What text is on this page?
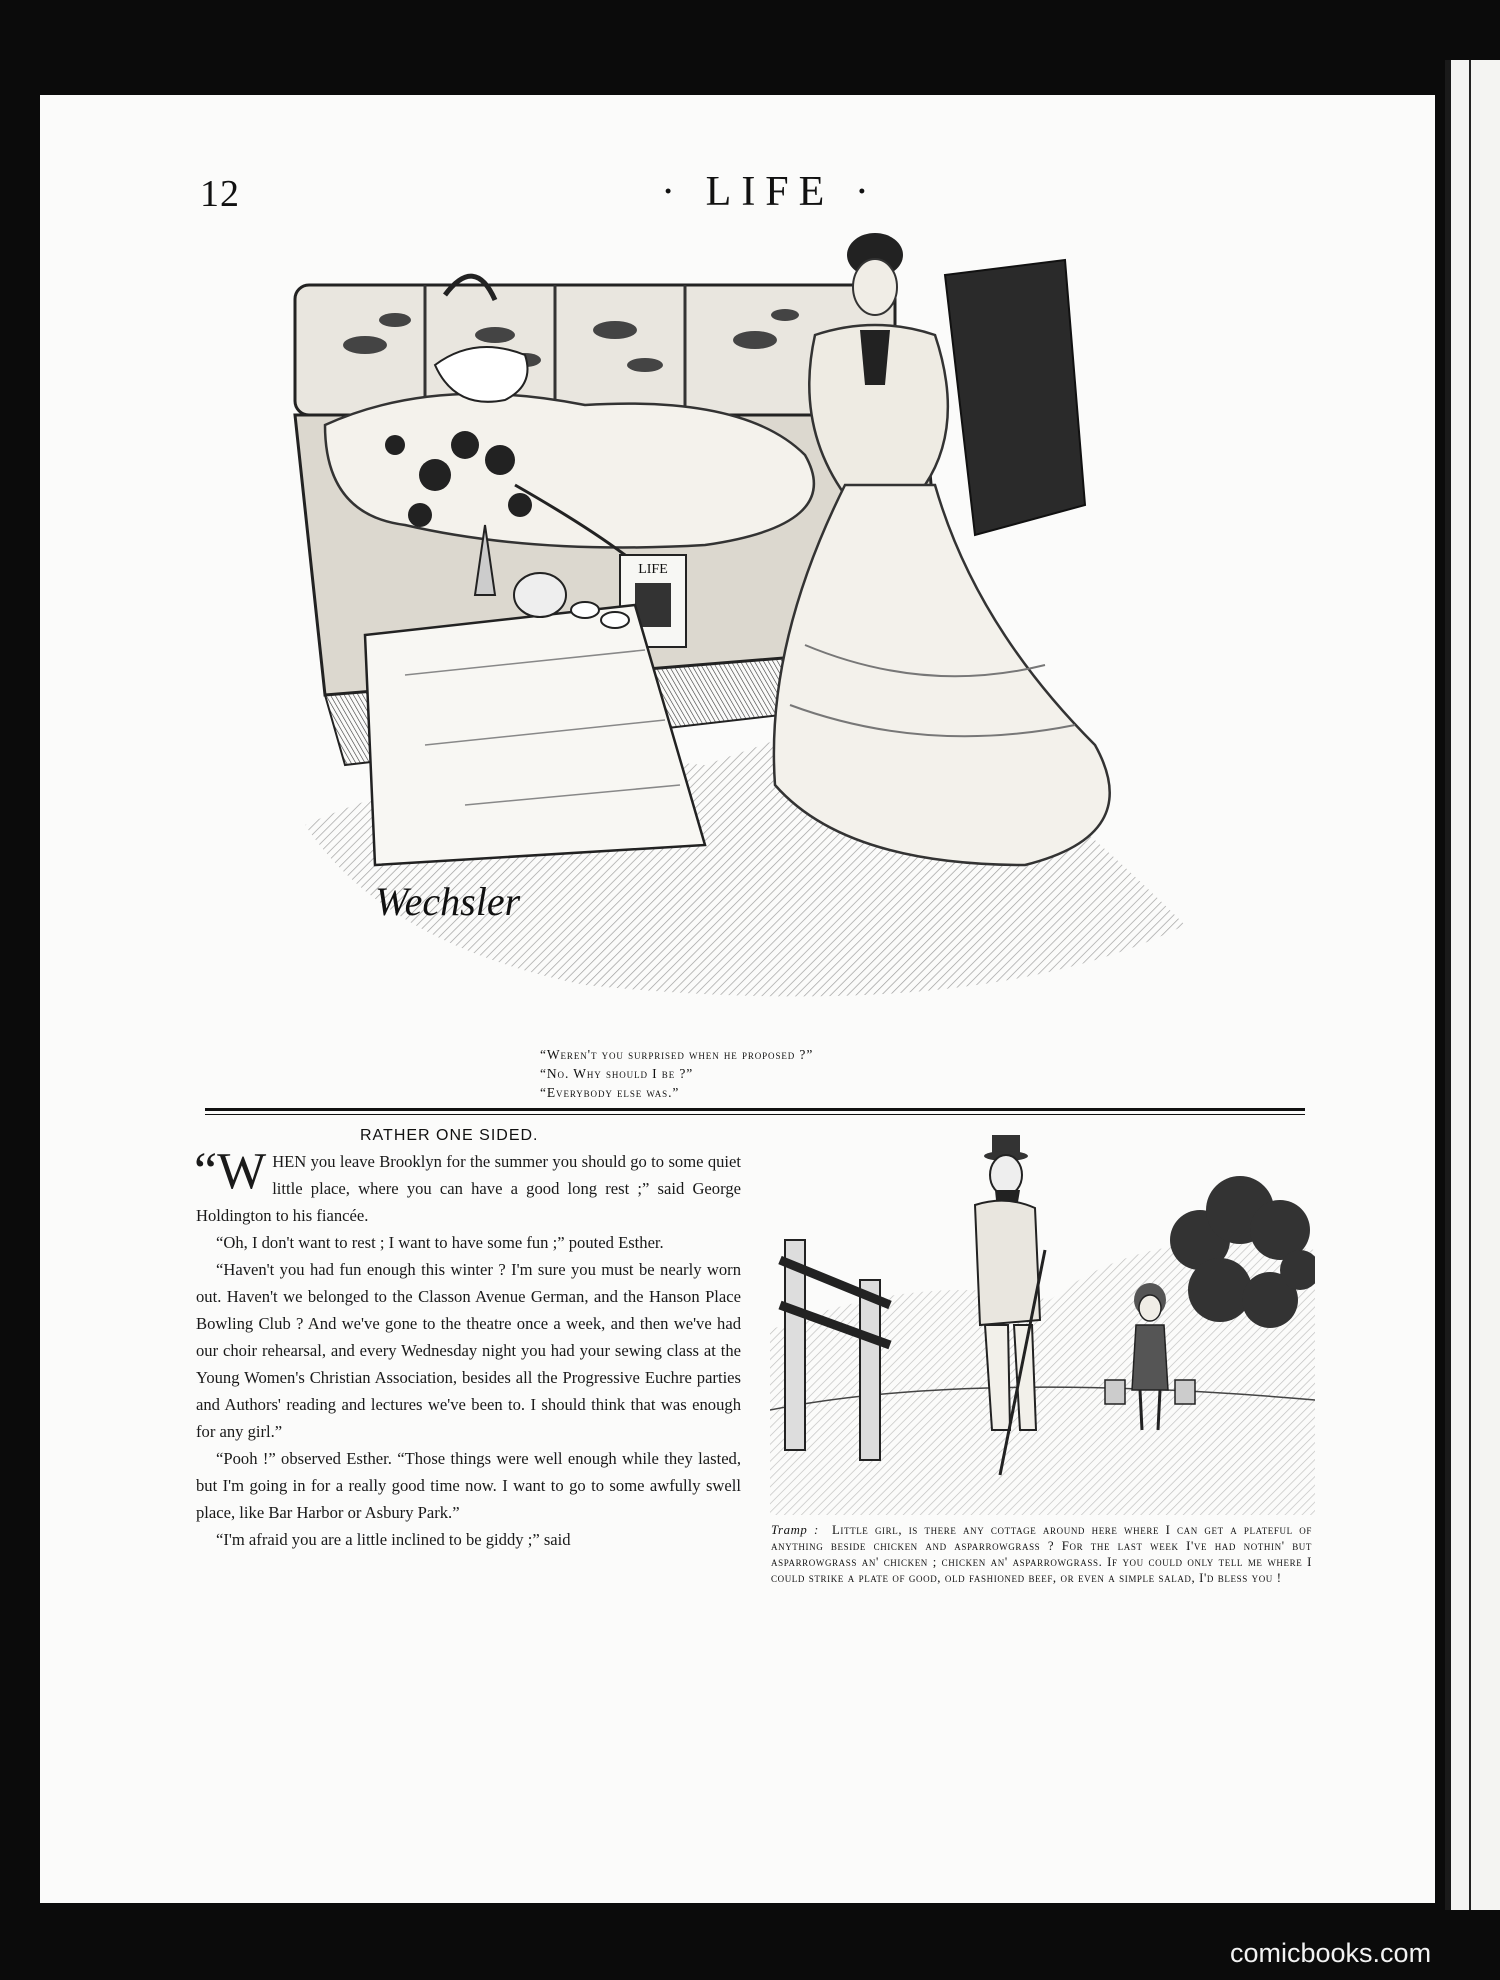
12	· LIFE ·
LIFE
Wechsler
“Weren't you surprised when he proposed ?”
“No. Why should I be ?”
“Everybody else was.”
RATHER ONE SIDED.

“W HEN you leave Brooklyn for the summer you should go to some quiet little place, where you can have a good long rest ;” said George Holdington to his fiancée.

“Oh, I don't want to rest ; I want to have some fun ;” pouted Esther.

“Haven't you had fun enough this winter ? I'm sure you must be nearly worn out. Haven't we belonged to the Classon Avenue German, and the Hanson Place Bowling Club ? And we've gone to the theatre once a week, and then we've had our choir rehearsal, and every Wednesday night you had your sewing class at the Young Women's Christian Association, besides all the Progressive Euchre parties and Authors' reading and lectures we've been to. I should think that was enough for any girl.”

“Pooh !” observed Esther. “Those things were well enough while they lasted, but I'm going in for a really good time now. I want to go to some awfully swell place, like Bar Harbor or Asbury Park.”

“I'm afraid you are a little inclined to be giddy ;” said	Tramp : Little girl, is there any cottage around here where I can get a plateful of anything beside chicken and asparrowgrass ? For the last week I've had nothin' but asparrowgrass an' chicken ; chicken an' asparrowgrass. If you could only tell me where I could strike a plate of good, old fashioned beef, or even a simple salad, I'd bless you !
comicbooks.com
